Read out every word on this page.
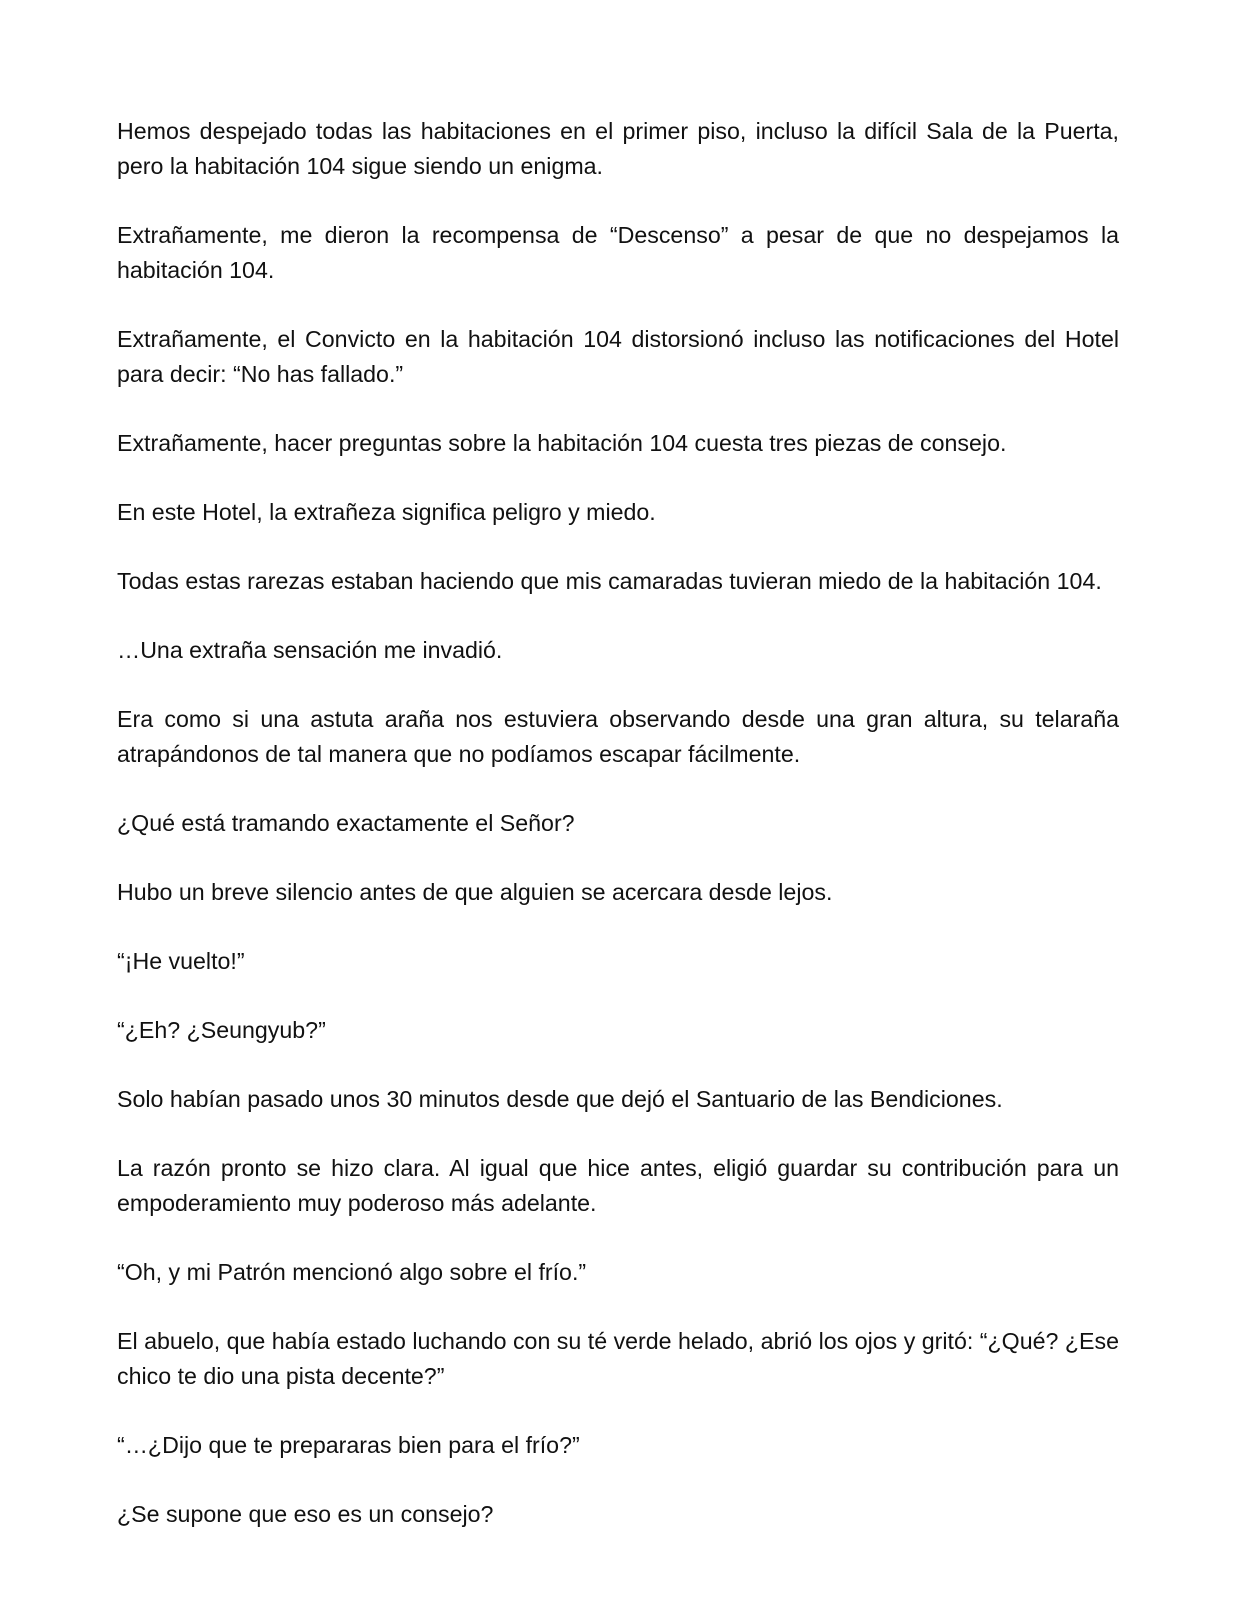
Hemos despejado todas las habitaciones en el primer piso, incluso la difícil Sala de la Puerta, pero la habitación 104 sigue siendo un enigma.

Extrañamente, me dieron la recompensa de “Descenso” a pesar de que no despejamos la habitación 104.

Extrañamente, el Convicto en la habitación 104 distorsionó incluso las notificaciones del Hotel para decir: “No has fallado.”

Extrañamente, hacer preguntas sobre la habitación 104 cuesta tres piezas de consejo.

En este Hotel, la extrañeza significa peligro y miedo.

Todas estas rarezas estaban haciendo que mis camaradas tuvieran miedo de la habitación 104.

…Una extraña sensación me invadió.

Era como si una astuta araña nos estuviera observando desde una gran altura, su telaraña atrapándonos de tal manera que no podíamos escapar fácilmente.

¿Qué está tramando exactamente el Señor?

Hubo un breve silencio antes de que alguien se acercara desde lejos.

“¡He vuelto!”

“¿Eh? ¿Seungyub?”

Solo habían pasado unos 30 minutos desde que dejó el Santuario de las Bendiciones.

La razón pronto se hizo clara. Al igual que hice antes, eligió guardar su contribución para un empoderamiento muy poderoso más adelante.

“Oh, y mi Patrón mencionó algo sobre el frío.”

El abuelo, que había estado luchando con su té verde helado, abrió los ojos y gritó: “¿Qué? ¿Ese chico te dio una pista decente?”

“…¿Dijo que te prepararas bien para el frío?”

¿Se supone que eso es un consejo?
